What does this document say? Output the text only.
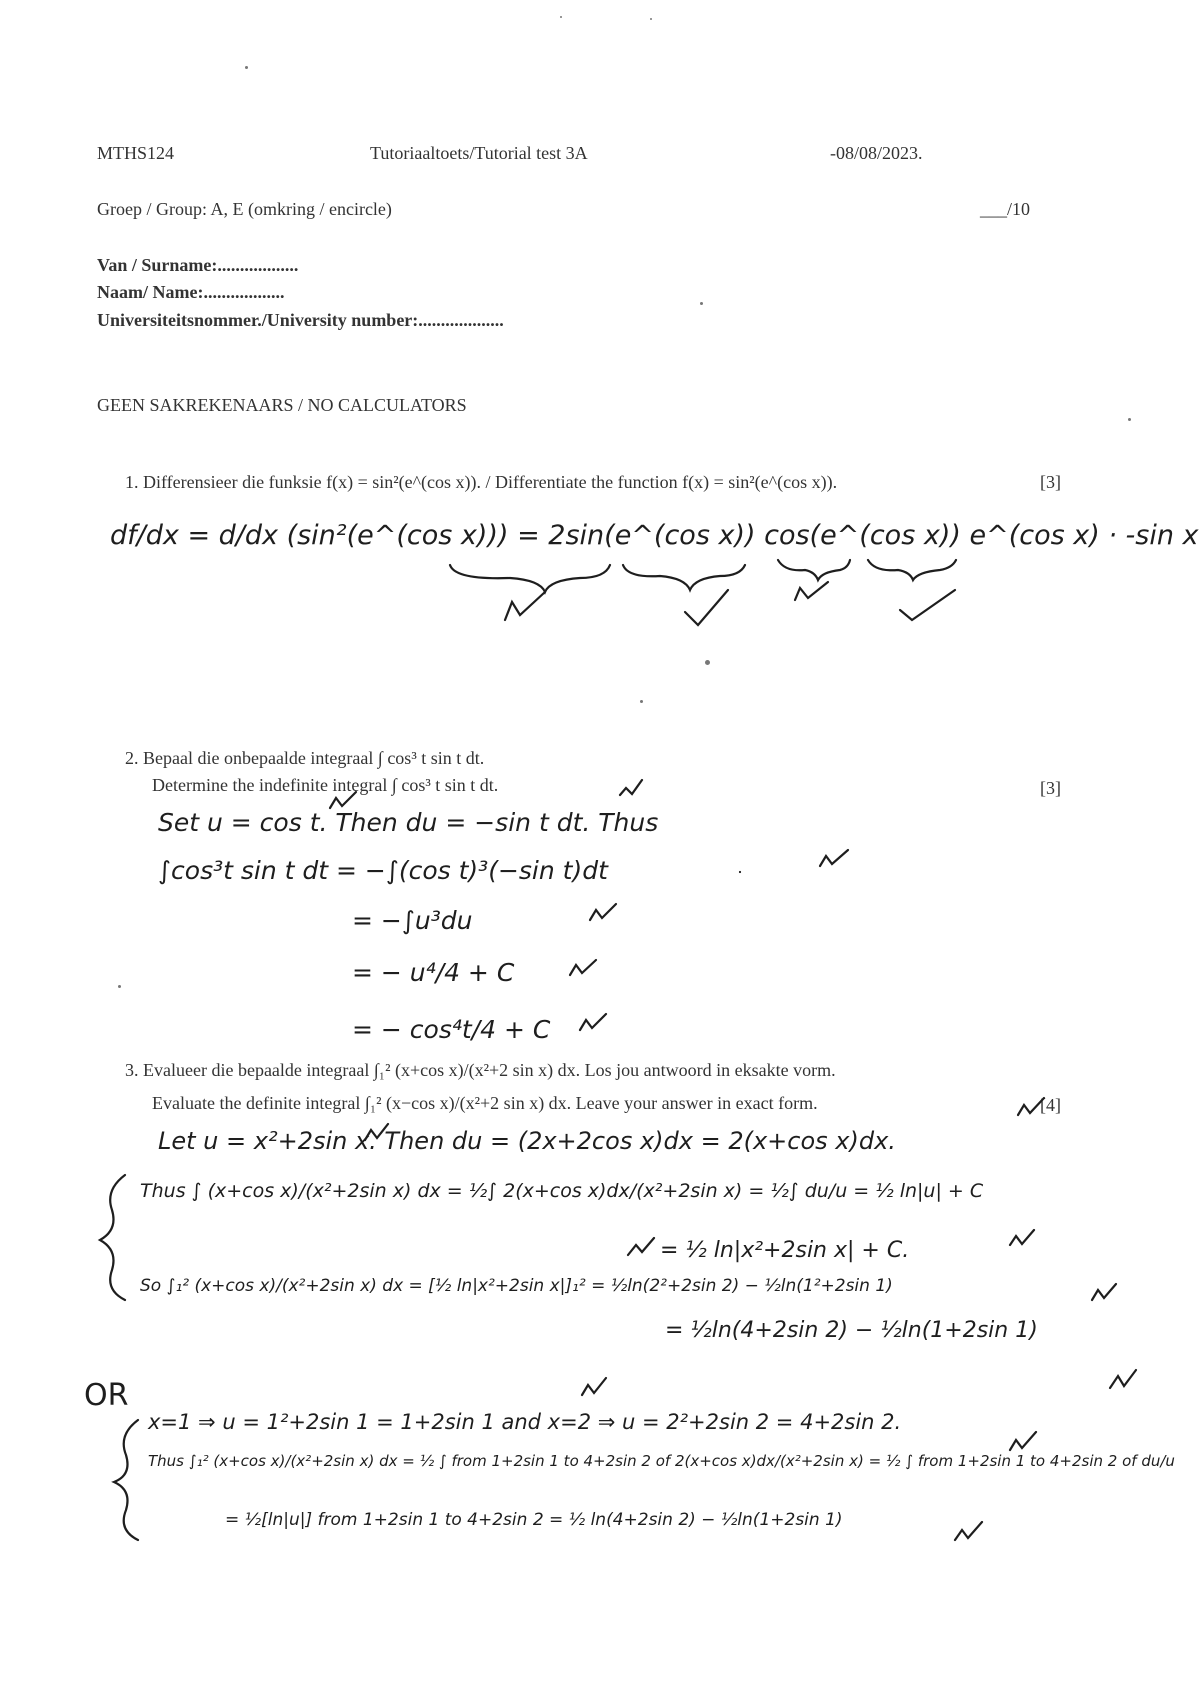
MTHS124	Tutoriaaltoets/Tutorial test 3A	-08/08/2023.
Groep / Group: A, E (omkring / encircle)	___/10
Van / Surname:..................
Naam/ Name:..................
Universiteitsnommer./University number:...................
GEEN SAKREKENAARS / NO CALCULATORS
1. Differensieer die funksie f(x) = sin²(e^(cos x)). / Differentiate the function f(x) = sin²(e^(cos x)).	[3]
df/dx = d/dx (sin²(e^(cos x))) = 2sin(e^(cos x)) cos(e^(cos x)) e^(cos x) · -sin x
2. Bepaal die onbepaalde integraal ∫ cos³ t sin t dt.
Determine the indefinite integral ∫ cos³ t sin t dt.	[3]
Set u = cos t. Then du = −sin t dt. Thus
∫cos³t sin t dt = −∫(cos t)³(−sin t)dt
= −∫u³du
= − u⁴/4 + C
= − cos⁴t/4 + C
3. Evalueer die bepaalde integraal ∫₁² (x+cos x)/(x²+2 sin x) dx. Los jou antwoord in eksakte vorm.
Evaluate the definite integral ∫₁² (x−cos x)/(x²+2 sin x) dx. Leave your answer in exact form.	[4]
Let u = x²+2sin x. Then du = (2x+2cos x)dx = 2(x+cos x)dx.
Thus ∫ (x+cos x)/(x²+2sin x) dx = ½∫ 2(x+cos x)dx/(x²+2sin x) = ½∫ du/u = ½ ln|u| + C
= ½ ln|x²+2sin x| + C.
So ∫₁² (x+cos x)/(x²+2sin x) dx = [½ ln|x²+2sin x|]₁² = ½ln(2²+2sin 2) − ½ln(1²+2sin 1)
= ½ln(4+2sin 2) − ½ln(1+2sin 1)
OR
x=1 ⇒ u = 1²+2sin 1 = 1+2sin 1 and x=2 ⇒ u = 2²+2sin 2 = 4+2sin 2.
Thus ∫₁² (x+cos x)/(x²+2sin x) dx = ½ ∫ from 1+2sin 1 to 4+2sin 2 of 2(x+cos x)dx/(x²+2sin x) = ½ ∫ from 1+2sin 1 to 4+2sin 2 of du/u
= ½[ln|u|] from 1+2sin 1 to 4+2sin 2 = ½ ln(4+2sin 2) − ½ln(1+2sin 1)
